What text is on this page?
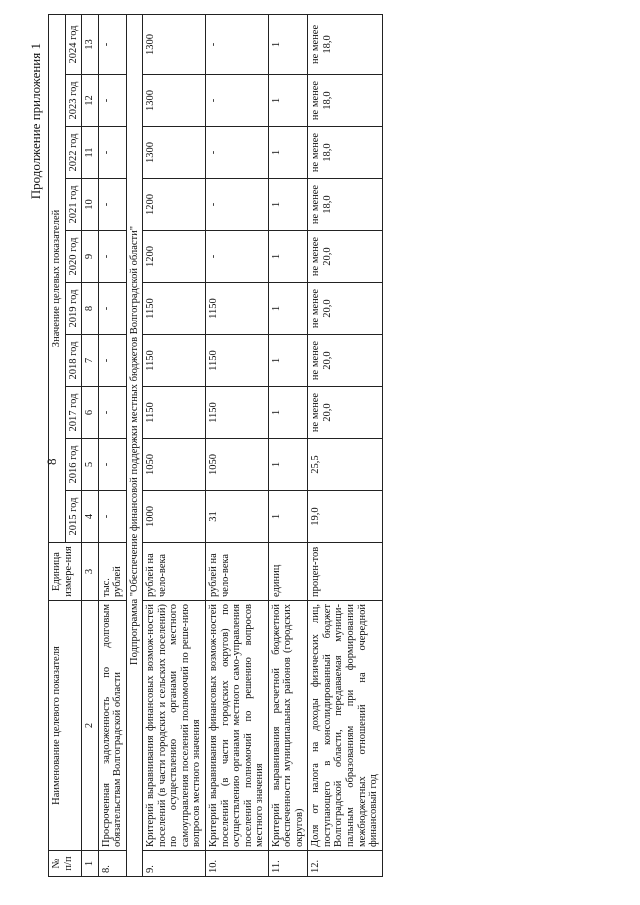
8
Продолжение приложения 1
№ п/п	Наименование целевого показателя	Единица измере-ния	Значение целевых показателей									
			2015 год	2016 год	2017 год	2018 год	2019 год	2020 год	2021 год	2022 год	2023 год	2024 год
1	2	3	4	5	6	7	8	9	10	11	12	13
8.	Просроченная задолженность по долговым обязательствам Волгоградской области	тыс. рублей	-	-	-	-	-	-	-	-	-	-
Подпрограмма "Обеспечение финансовой поддержки местных бюджетов Волгоградской области"												
9.	Критерий выравнивания финансовых возмож-ностей поселений (в части городских и сельских поселений) по осуществлению органами местного самоуправления поселений полномочий по реше-нию вопросов местного значения	рублей на чело-века	1000	1050	1150	1150	1150	1200	1200	1300	1300	1300
10.	Критерий выравнивания финансовых возмож-ностей поселений (в части городских округов) по осуществлению органами местного само-управления поселений полномочий по решению вопросов местного значения	рублей на чело-века	31	1050	1150	1150	1150	-	-	-	-	-
11.	Критерий выравнивания расчетной бюджетной обеспеченности муниципальных районов (городских округов)	единиц	1	1	1	1	1	1	1	1	1	1
12.	Доля от налога на доходы физических лиц, поступающего в консолидированный бюджет Волгоградской области, передаваемая муници-пальным образованиям при формировании межбюджетных отношений на очередной финансовый год	процен-тов	19,0	25,5	не менее 20,0	не менее 20,0	не менее 20,0	не менее 20,0	не менее 18,0	не менее 18,0	не менее 18,0	не менее 18,0
